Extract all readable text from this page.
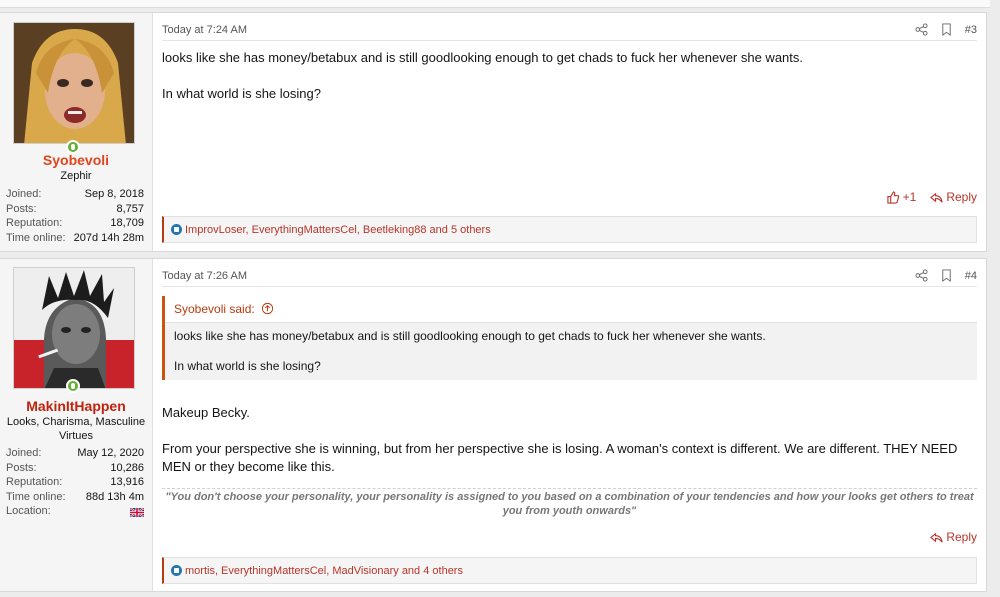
Syobevoli
Zephir
Joined:	Sep 8, 2018
Posts:	8,757
Reputation:	18,709
Time online: 207d 14h 28m
Today at 7:24 AM	#3
looks like she has money/betabux and is still goodlooking enough to get chads to fuck her whenever she wants.
In what world is she losing?
+1	Reply
ImprovLoser, EverythingMattersCel, Beetleking88 and 5 others
MakinItHappen
Looks, Charisma, Masculine Virtues
Joined:	May 12, 2020
Posts:	10,286
Reputation:	13,916
Time online: 88d 13h 4m
Location:
Today at 7:26 AM	#4
Syobevoli said:
looks like she has money/betabux and is still goodlooking enough to get chads to fuck her whenever she wants.
In what world is she losing?
Makeup Becky.
From your perspective she is winning, but from her perspective she is losing. A woman's context is different. We are different. THEY NEED MEN or they become like this.
"You don't choose your personality, your personality is assigned to you based on a combination of your tendencies and how your looks get others to treat you from youth onwards"
Reply
mortis, EverythingMattersCel, MadVisionary and 4 others
